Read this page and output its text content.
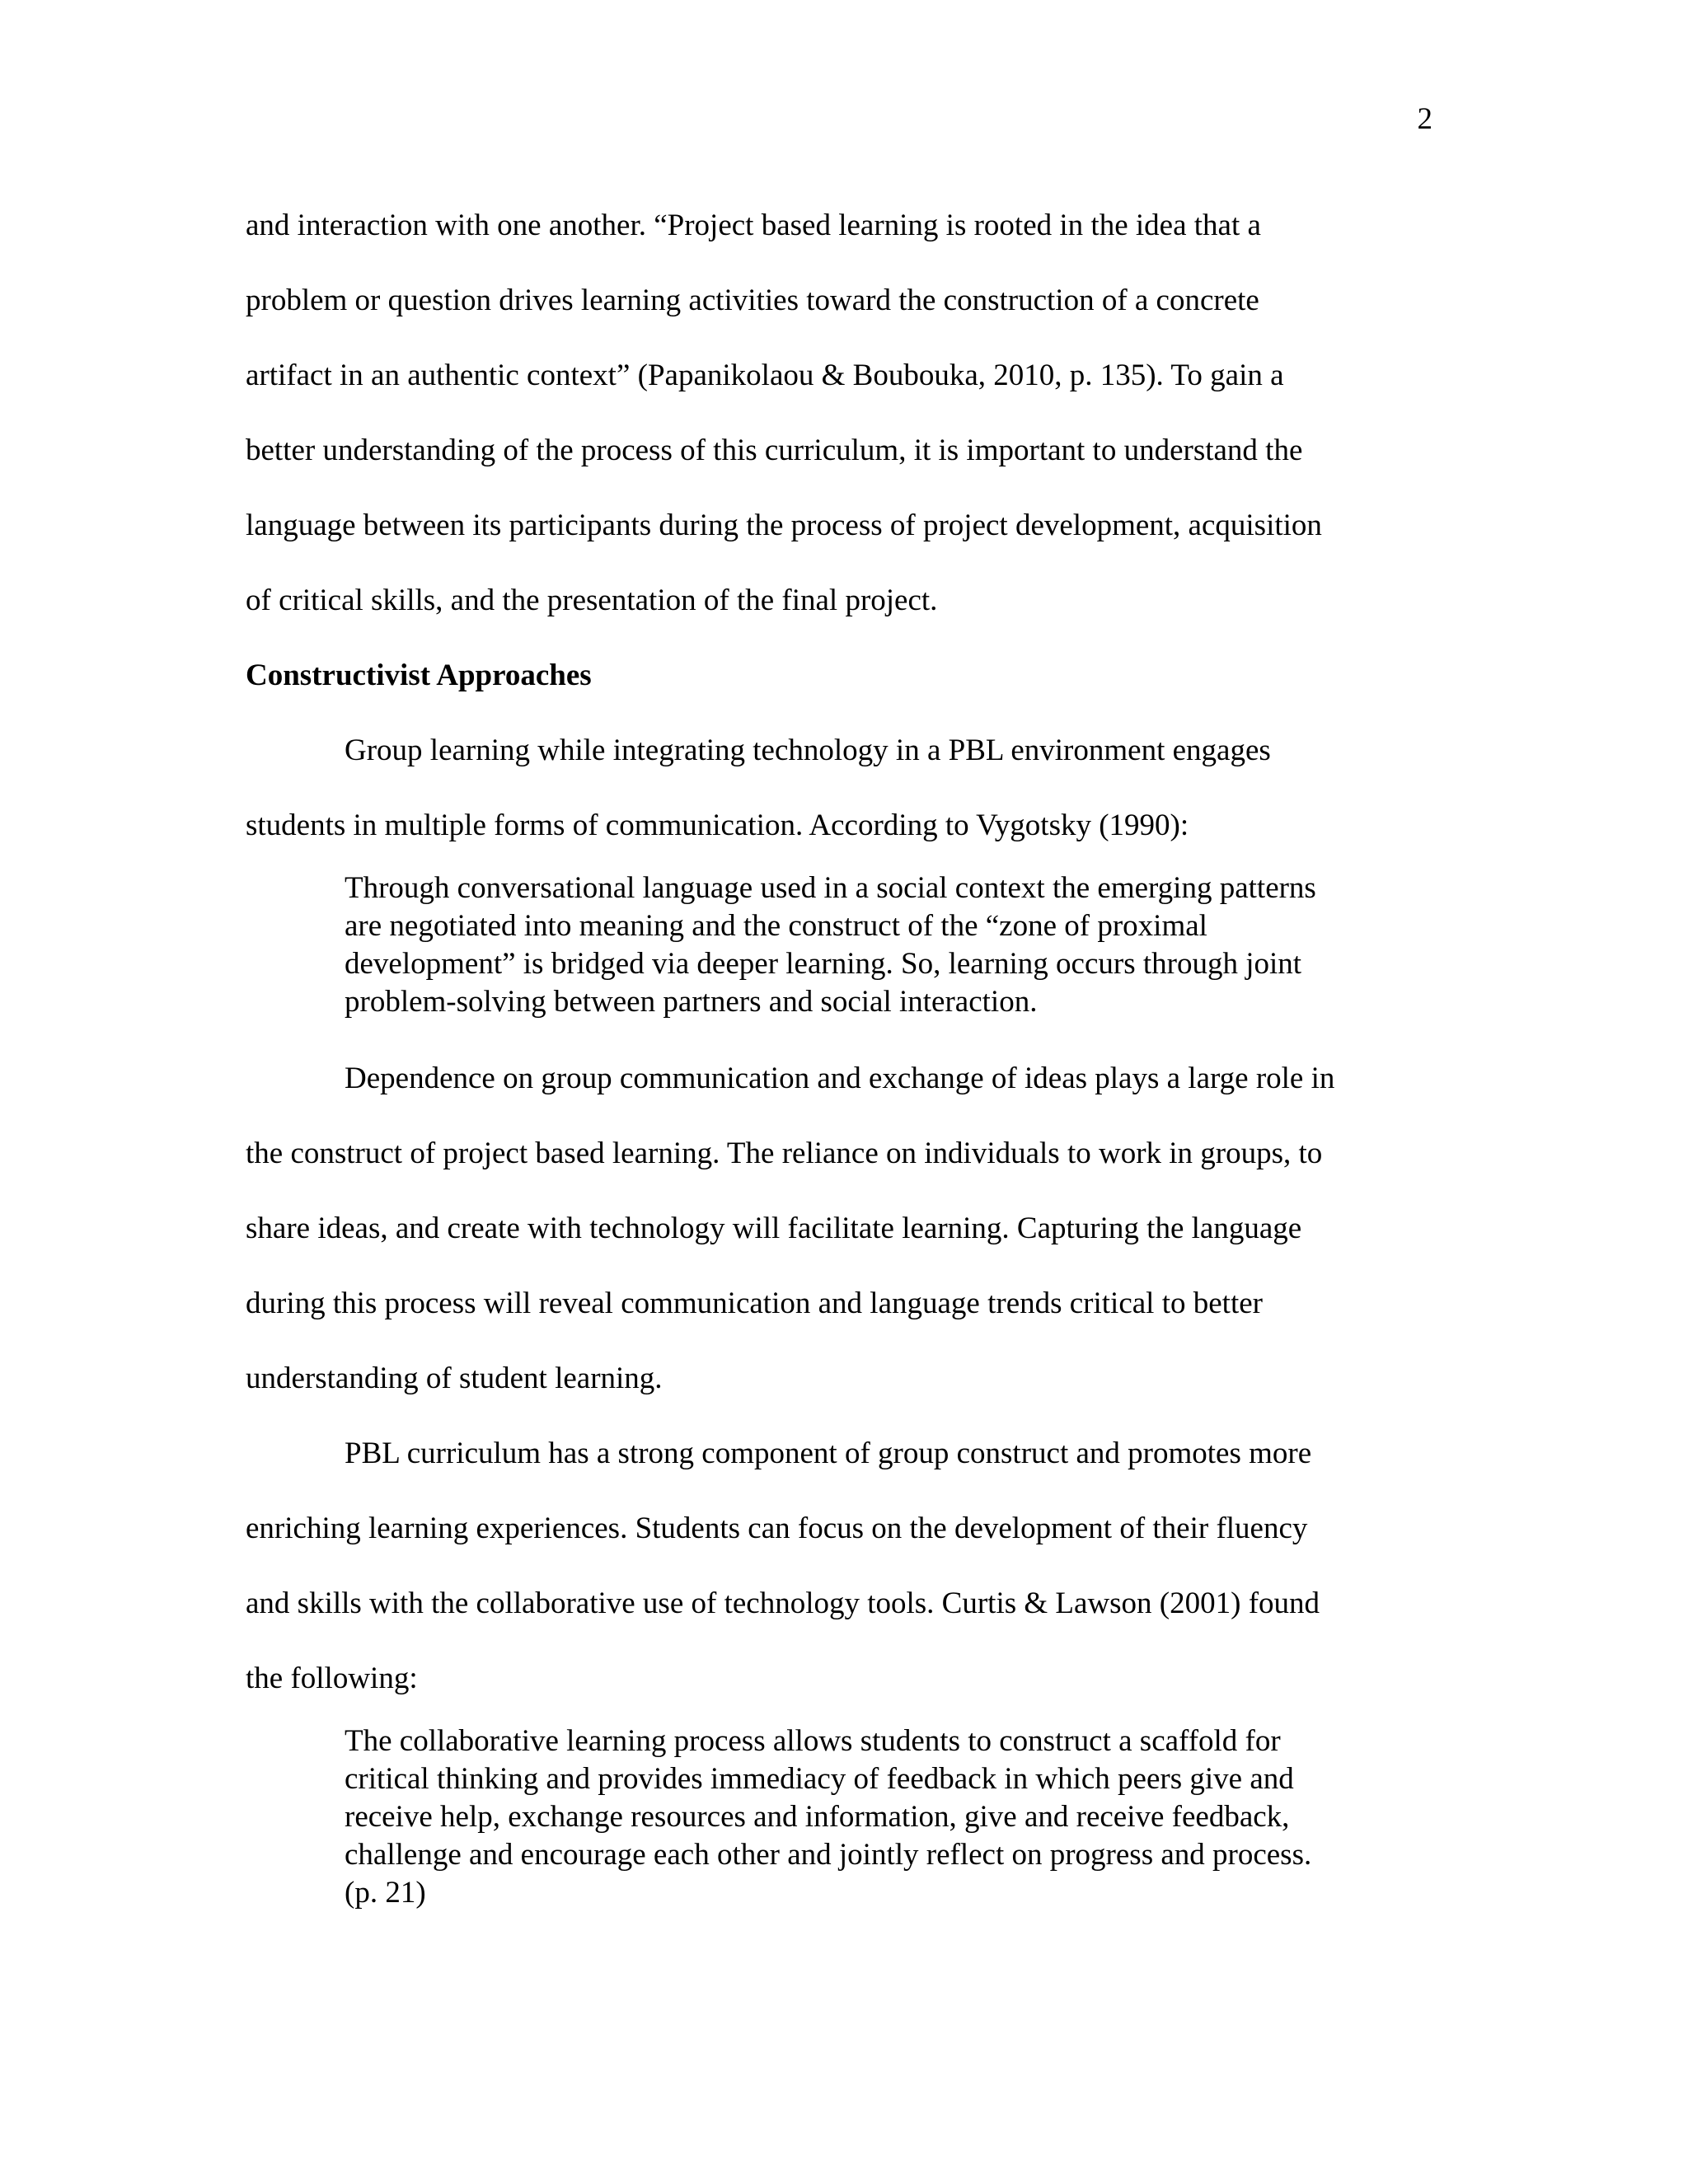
2

and interaction with one another. “Project based learning is rooted in the idea that a

problem or question drives learning activities toward the construction of a concrete

artifact in an authentic context” (Papanikolaou & Boubouka, 2010, p. 135). To gain a

better understanding of the process of this curriculum, it is important to understand the

language between its participants during the process of project development, acquisition

of critical skills, and the presentation of the final project.

Constructivist Approaches

Group learning while integrating technology in a PBL environment engages

students in multiple forms of communication. According to Vygotsky (1990):

Through conversational language used in a social context the emerging patterns

are negotiated into meaning and the construct of the “zone of proximal

development” is bridged via deeper learning. So, learning occurs through joint

problem-solving between partners and social interaction.

Dependence on group communication and exchange of ideas plays a large role in

the construct of project based learning. The reliance on individuals to work in groups, to

share ideas, and create with technology will facilitate learning. Capturing the language

during this process will reveal communication and language trends critical to better

understanding of student learning.

PBL curriculum has a strong component of group construct and promotes more

enriching learning experiences. Students can focus on the development of their fluency

and skills with the collaborative use of technology tools. Curtis & Lawson (2001) found

the following:

The collaborative learning process allows students to construct a scaffold for

critical thinking and provides immediacy of feedback in which peers give and

receive help, exchange resources and information, give and receive feedback,

challenge and encourage each other and jointly reflect on progress and process.

(p. 21)
